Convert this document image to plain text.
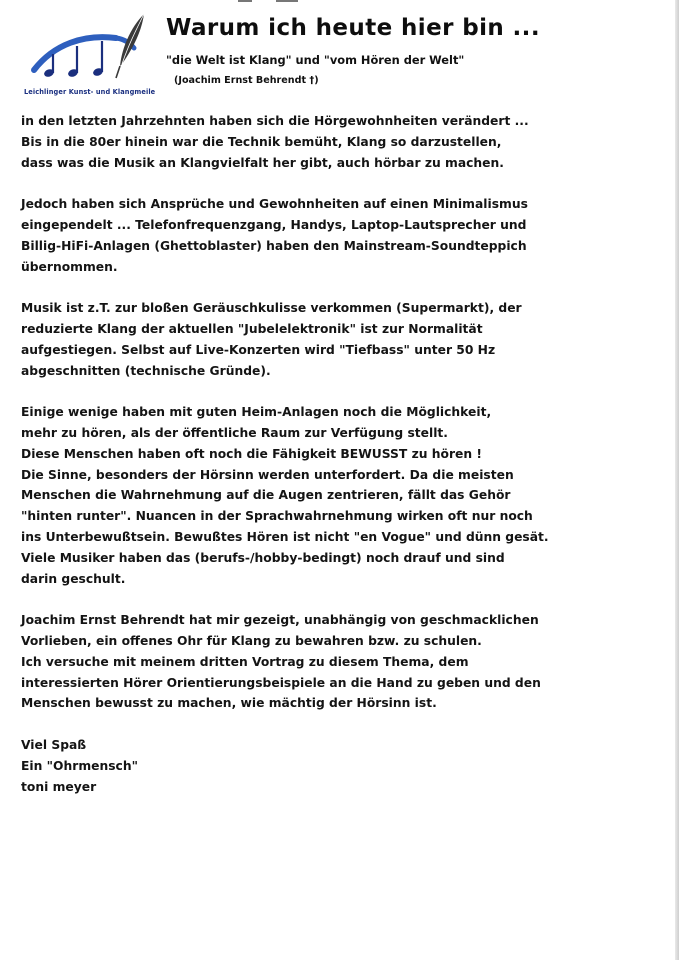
Leichlinger Kunst- und Klangmeile
Warum ich heute hier bin ...
"die Welt ist Klang" und "vom Hören der Welt"
(Joachim Ernst Behrendt †)

in den letzten Jahrzehnten haben sich die Hörgewohnheiten verändert ...
Bis in die 80er hinein war die Technik bemüht, Klang so darzustellen,
dass was die Musik an Klangvielfalt her gibt, auch hörbar zu machen.

Jedoch haben sich Ansprüche und Gewohnheiten auf einen Minimalismus
eingependelt ... Telefonfrequenzgang, Handys, Laptop-Lautsprecher und
Billig-HiFi-Anlagen (Ghettoblaster) haben den Mainstream-Soundteppich
übernommen.

Musik ist z.T. zur bloßen Geräuschkulisse verkommen (Supermarkt), der
reduzierte Klang der aktuellen "Jubelelektronik" ist zur Normalität
aufgestiegen. Selbst auf Live-Konzerten wird "Tiefbass" unter 50 Hz
abgeschnitten (technische Gründe).

Einige wenige haben mit guten Heim-Anlagen noch die Möglichkeit,
mehr zu hören, als der öffentliche Raum zur Verfügung stellt.
Diese Menschen haben oft noch die Fähigkeit BEWUSST zu hören !
Die Sinne, besonders der Hörsinn werden unterfordert. Da die meisten
Menschen die Wahrnehmung auf die Augen zentrieren, fällt das Gehör
"hinten runter". Nuancen in der Sprachwahrnehmung wirken oft nur noch
ins Unterbewußtsein. Bewußtes Hören ist nicht "en Vogue" und dünn gesät.
Viele Musiker haben das (berufs-/hobby-bedingt) noch drauf und sind
darin geschult.

Joachim Ernst Behrendt hat mir gezeigt, unabhängig von geschmacklichen
Vorlieben, ein offenes Ohr für Klang zu bewahren bzw. zu schulen.
Ich versuche mit meinem dritten Vortrag zu diesem Thema, dem
interessierten Hörer Orientierungsbeispiele an die Hand zu geben und den
Menschen bewusst zu machen, wie mächtig der Hörsinn ist.

Viel Spaß
Ein "Ohrmensch"
toni meyer
